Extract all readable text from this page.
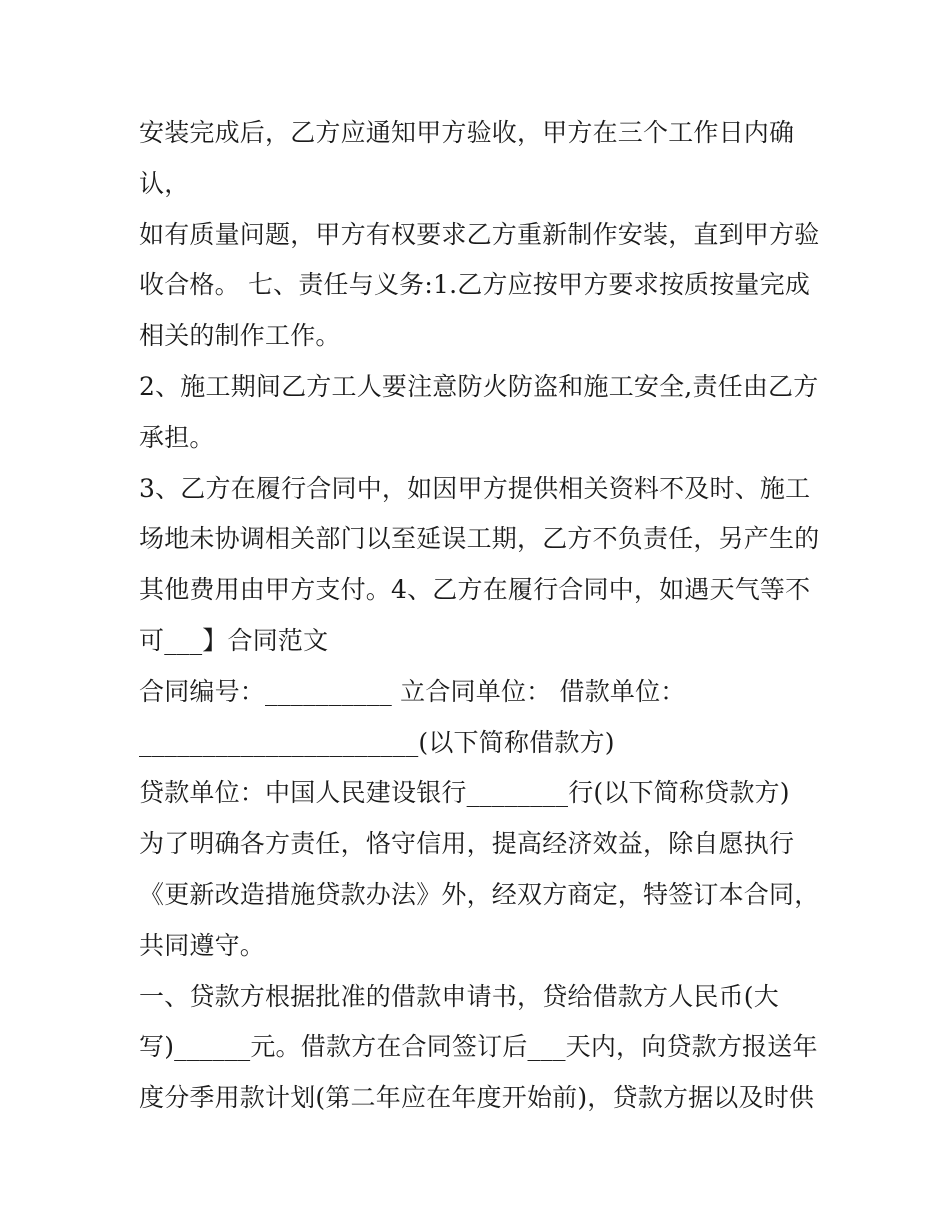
安装完成后，乙方应通知甲方验收，甲方在三个工作日内确
认，
如有质量问题，甲方有权要求乙方重新制作安装，直到甲方验
收合格。 七、责任与义务:1.乙方应按甲方要求按质按量完成
相关的制作工作。
2、施工期间乙方工人要注意防火防盗和施工安全,责任由乙方
承担。
3、乙方在履行合同中，如因甲方提供相关资料不及时、施工
场地未协调相关部门以至延误工期，乙方不负责任，另产生的
其他费用由甲方支付。4、乙方在履行合同中，如遇天气等不
可___】合同范文
合同编号：__________ 立合同单位： 借款单位：
______________________(以下简称借款方)
贷款单位：中国人民建设银行________行(以下简称贷款方)
为了明确各方责任，恪守信用，提高经济效益，除自愿执行
《更新改造措施贷款办法》外，经双方商定，特签订本合同，
共同遵守。
一、贷款方根据批准的借款申请书，贷给借款方人民币(大
写)______元。借款方在合同签订后___天内，向贷款方报送年
度分季用款计划(第二年应在年度开始前)，贷款方据以及时供
